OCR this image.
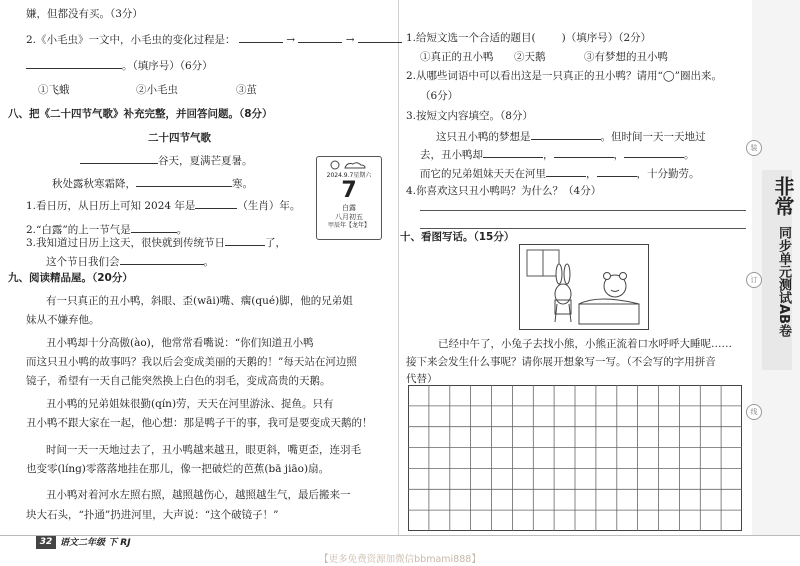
非常
同步单元测试AB卷
装
订
线
嫌，但都没有买。（3分）
2.《小毛虫》一文中，小毛虫的变化过程是：	→	→
。（填序号）（6分）
①飞蛾	②小毛虫	③茧
八、把《二十四节气歌》补充完整，并回答问题。（8分）
二十四节气歌
谷天，夏满芒夏暑。
秋处露秋寒霜降，	寒。
1.看日历，从日历上可知 2024 年是	（生肖）年。
2.“白露”的上一节气是	。
3.我知道过日历上这天，很快就到传统节日	了，
这个节日我们会	。
2024.9.7星期六
7
白露
八月初五
甲辰年【龙年】
九、阅读精品屋。（20分）
有一只真正的丑小鸭，斜眼、歪(wāi)嘴、瘸(qué)脚，他的兄弟姐
妹从不嫌弃他。
丑小鸭却十分高傲(ào)，他常常看嘴说：“你们知道丑小鸭
而这只丑小鸭的故事吗？我以后会变成美丽的天鹅的！”每天站在河边照
镜子，希望有一天自己能突然换上白色的羽毛，变成高贵的天鹅。
丑小鸭的兄弟姐妹很勤(qín)劳，天天在河里游泳、捉鱼。只有
丑小鸭不跟大家在一起，他心想：那是鸭子干的事，我可是要变成天鹅的！
时间一天一天地过去了，丑小鸭越来越丑，眼更斜，嘴更歪，连羽毛
也变零(líng)零落落地挂在那儿，像一把破烂的芭蕉(bā jiāo)扇。
丑小鸭对着河水左照右照，越照越伤心，越照越生气，最后搬来一
块大石头，“扑通”扔进河里，大声说：“这个破镜子！”
1.给短文选一个合适的题目( )（填序号）（2分）
①真正的丑小鸭 ②天鹅	③有梦想的丑小鸭
2.从哪些词语中可以看出这是一只真正的丑小鸭？请用“◯”圈出来。
（6分）
3.按短文内容填空。（8分）
这只丑小鸭的梦想是	。但时间一天一天地过
去，丑小鸭却	，	，	。
而它的兄弟姐妹天天在河里	，	，十分勤劳。
4.你喜欢这只丑小鸭吗？为什么？（4分）
十、看图写话。（15分）
已经中午了，小兔子去找小熊，小熊正流着口水呼呼大睡呢……
接下来会发生什么事呢？请你展开想象写一写。（不会写的字用拼音
代替）
32 语文二年级 下 RJ
【更多免费资源加微信bbmami888】
